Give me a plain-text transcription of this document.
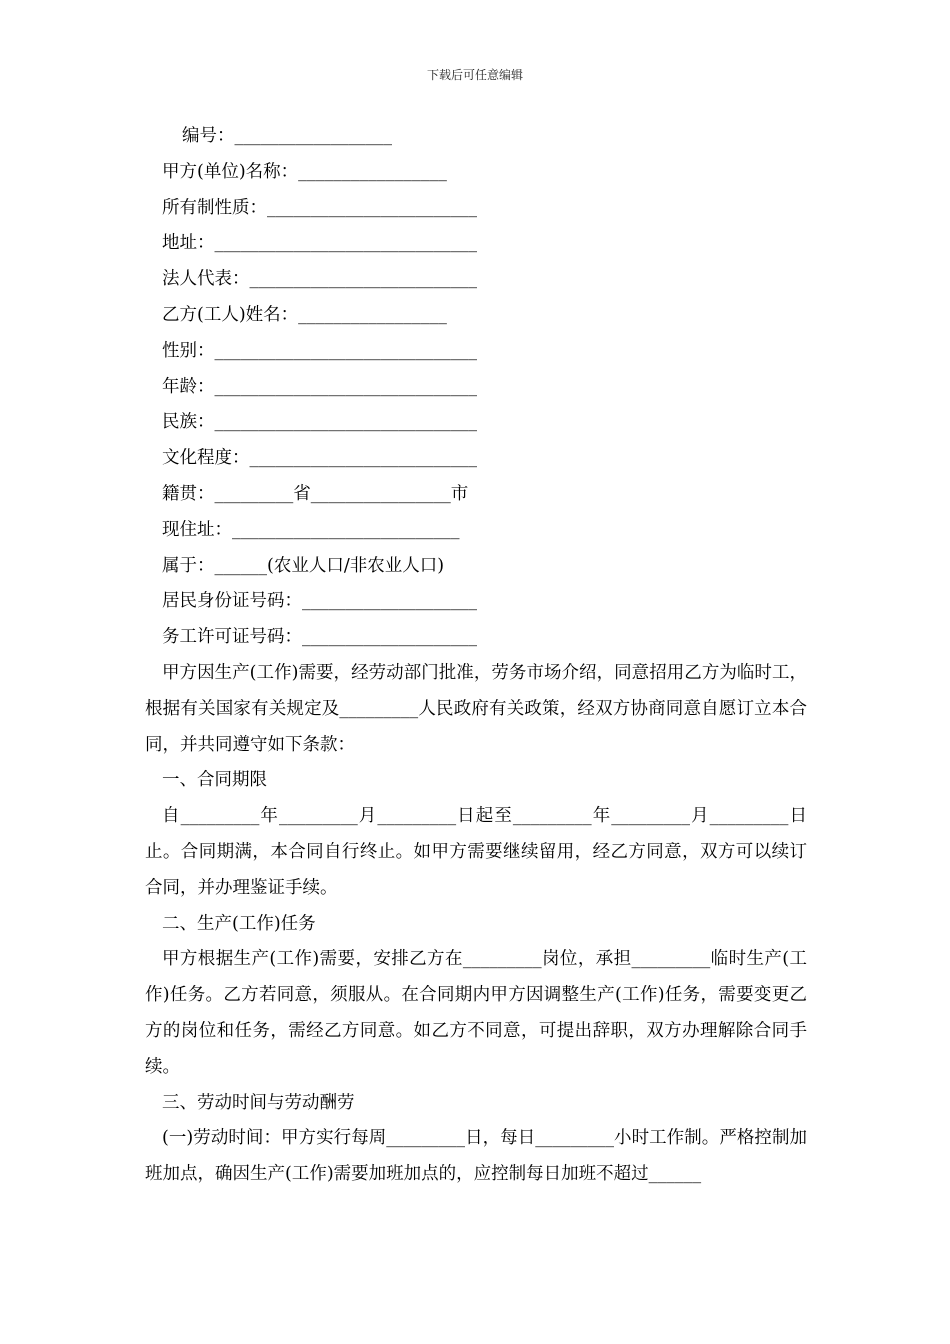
下载后可任意编辑
编号：__________________
甲方(单位)名称：_________________
所有制性质：________________________
地址：______________________________
法人代表：__________________________
乙方(工人)姓名：_________________
性别：______________________________
年龄：______________________________
民族：______________________________
文化程度：__________________________
籍贯：_________省________________市
现住址：__________________________
属于：______(农业人口/非农业人口)
居民身份证号码：____________________
务工许可证号码：____________________
甲方因生产(工作)需要，经劳动部门批准，劳务市场介绍，同意招用乙方为临时工，根据有关国家有关规定及_________人民政府有关政策，经双方协商同意自愿订立本合同，并共同遵守如下条款：
一、合同期限
自_________年_________月_________日起至_________年_________月_________日止。合同期满，本合同自行终止。如甲方需要继续留用，经乙方同意，双方可以续订合同，并办理鉴证手续。
二、生产(工作)任务
甲方根据生产(工作)需要，安排乙方在_________岗位，承担_________临时生产(工作)任务。乙方若同意，须服从。在合同期内甲方因调整生产(工作)任务，需要变更乙方的岗位和任务，需经乙方同意。如乙方不同意，可提出辞职，双方办理解除合同手续。
三、劳动时间与劳动酬劳
(一)劳动时间：甲方实行每周_________日，每日_________小时工作制。严格控制加班加点，确因生产(工作)需要加班加点的，应控制每日加班不超过______
